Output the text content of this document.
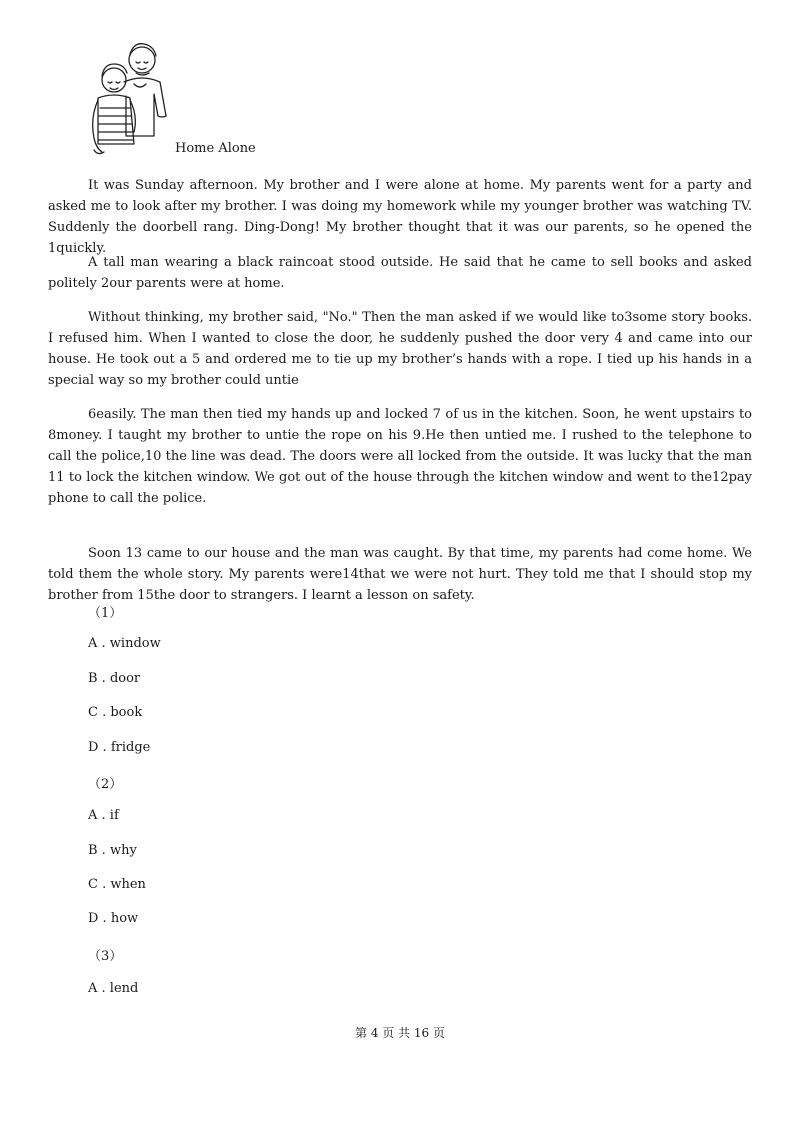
Home Alone

It was Sunday afternoon. My brother and I were alone at home. My parents went for a party and asked me to look after my brother. I was doing my homework while my younger brother was watching TV. Suddenly the doorbell rang. Ding-Dong! My brother thought that it was our parents, so he opened the 1quickly.

A tall man wearing a black raincoat stood outside. He said that he came to sell books and asked politely 2our parents were at home.

Without thinking, my brother said, "No." Then the man asked if we would like to3some story books. I refused him. When I wanted to close the door, he suddenly pushed the door very 4 and came into our house. He took out a 5 and ordered me to tie up my brother’s hands with a rope. I tied up his hands in a special way so my brother could untie

6easily. The man then tied my hands up and locked 7 of us in the kitchen. Soon, he went upstairs to 8money. I taught my brother to untie the rope on his 9.He then untied me. I rushed to the telephone to call the police,10 the line was dead. The doors were all locked from the outside. It was lucky that the man 11 to lock the kitchen window. We got out of the house through the kitchen window and went to the12pay phone to call the police.

Soon 13 came to our house and the man was caught. By that time, my parents had come home. We told them the whole story. My parents were14that we were not hurt. They told me that I should stop my brother from 15the door to strangers. I learnt a lesson on safety.

（1）
A . window
B . door
C . book
D . fridge
（2）
A . if
B . why
C . when
D . how
（3）
A . lend
第 4 页 共 16 页
